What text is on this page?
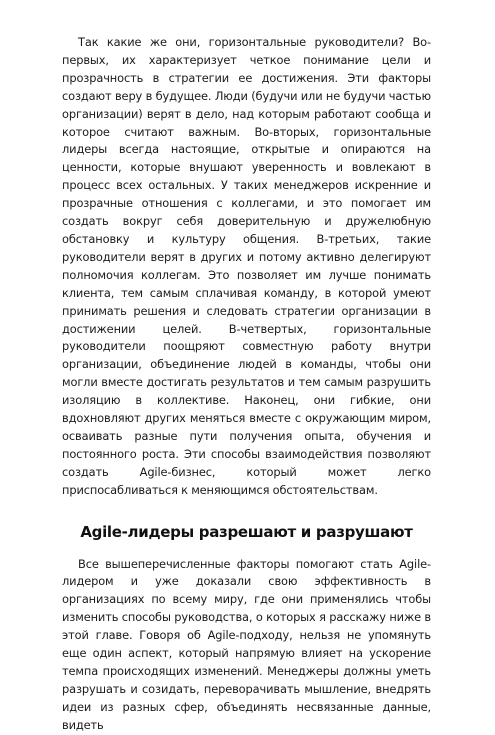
Так какие же они, горизонтальные руководители? Во-первых, их характеризует четкое понимание цели и прозрачность в стратегии ее достижения. Эти факторы создают веру в будущее. Люди (будучи или не будучи частью организации) верят в дело, над которым работают сообща и которое считают важным. Во-вторых, горизонтальные лидеры всегда настоящие, открытые и опираются на ценности, которые внушают уверенность и вовлекают в процесс всех остальных. У таких менеджеров искренние и прозрачные отношения с коллегами, и это помогает им создать вокруг себя доверительную и дружелюбную обстановку и культуру общения. В-третьих, такие руководители верят в других и потому активно делегируют полномочия коллегам. Это позволяет им лучше понимать клиента, тем самым сплачивая команду, в которой умеют принимать решения и следовать стратегии организации в достижении целей. В-четвертых, горизонтальные руководители поощряют совместную работу внутри организации, объединение людей в команды, чтобы они могли вместе достигать результатов и тем самым разрушить изоляцию в коллективе. Наконец, они гибкие, они вдохновляют других меняться вместе с окружающим миром, осваивать разные пути получения опыта, обучения и постоянного роста. Эти способы взаимодействия позволяют создать Agile-бизнес, который может легко приспосабливаться к меняющимся обстоятельствам.

Agile-лидеры разрешают и разрушают

Все вышеперечисленные факторы помогают стать Agile-лидером и уже доказали свою эффективность в организациях по всему миру, где они применялись чтобы изменить способы руководства, о которых я расскажу ниже в этой главе. Говоря об Agile-подходу, нельзя не упомянуть еще один аспект, который напрямую влияет на ускорение темпа происходящих изменений. Менеджеры должны уметь разрушать и созидать, переворачивать мышление, внедрять идеи из разных сфер, объединять несвязанные данные, видеть
